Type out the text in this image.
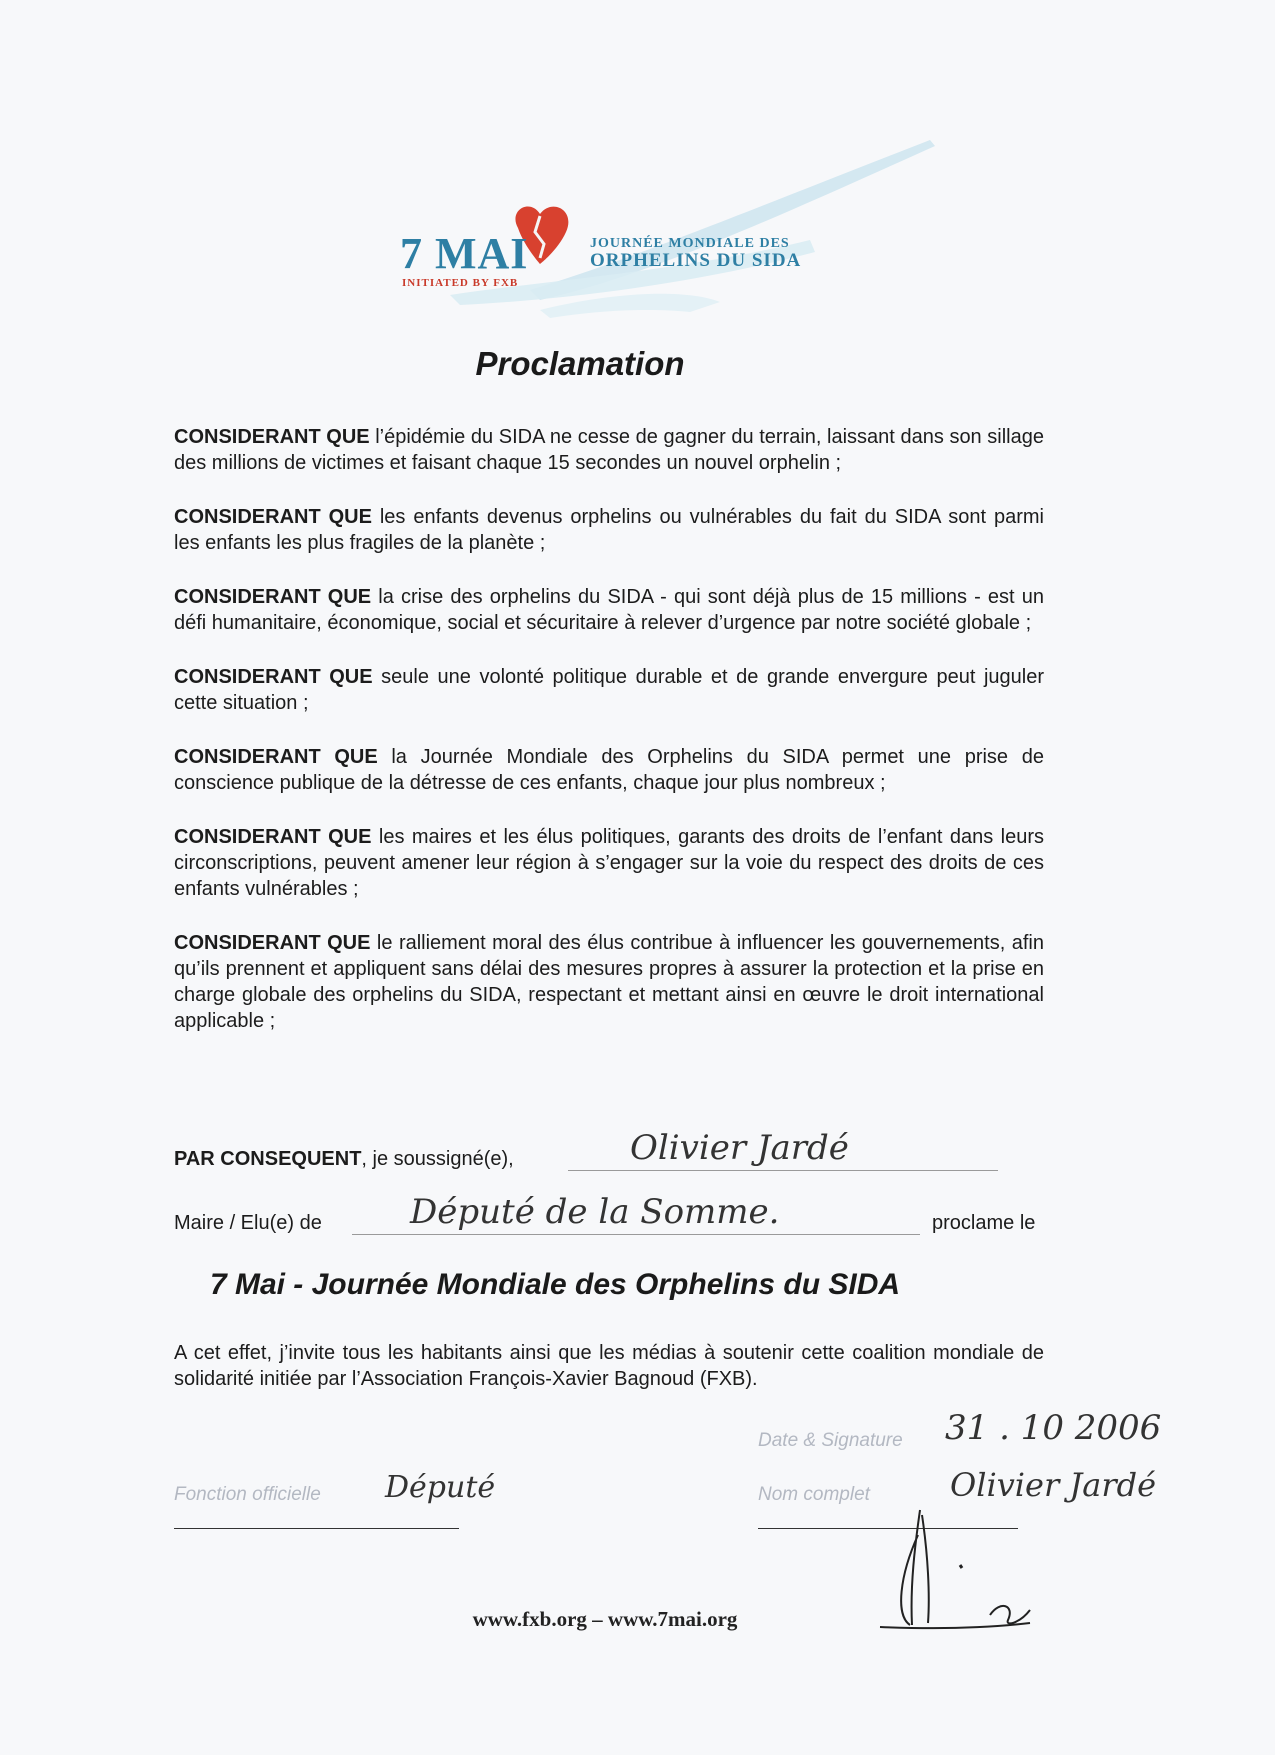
7 MAI	JOURNÉE MONDIALE DES
ORPHELINS DU SIDA
INITIATED BY FXB
Proclamation

CONSIDERANT QUE l’épidémie du SIDA ne cesse de gagner du terrain, laissant dans son sillage des millions de victimes et faisant chaque 15 secondes un nouvel orphelin ;

CONSIDERANT QUE les enfants devenus orphelins ou vulnérables du fait du SIDA sont parmi les enfants les plus fragiles de la planète ;

CONSIDERANT QUE la crise des orphelins du SIDA - qui sont déjà plus de 15 millions - est un défi humanitaire, économique, social et sécuritaire à relever d’urgence par notre société globale ;

CONSIDERANT QUE seule une volonté politique durable et de grande envergure peut juguler cette situation ;

CONSIDERANT QUE la Journée Mondiale des Orphelins du SIDA permet une prise de conscience publique de la détresse de ces enfants, chaque jour plus nombreux ;

CONSIDERANT QUE les maires et les élus politiques, garants des droits de l’enfant dans leurs circonscriptions, peuvent amener leur région à s’engager sur la voie du respect des droits de ces enfants vulnérables ;

CONSIDERANT QUE le ralliement moral des élus contribue à influencer les gouvernements, afin qu’ils prennent et appliquent sans délai des mesures propres à assurer la protection et la prise en charge globale des orphelins du SIDA, respectant et mettant ainsi en œuvre le droit international applicable ;

PAR CONSEQUENT, je soussigné(e),	Olivier Jardé
Maire / Elu(e) de	Député de la Somme.	proclame le
7 Mai - Journée Mondiale des Orphelins du SIDA
A cet effet, j’invite tous les habitants ainsi que les médias à soutenir cette coalition mondiale de solidarité initiée par l’Association François-Xavier Bagnoud (FXB).
Date & Signature 31 . 10 2006
Fonction officielle Député	Nom complet	Olivier Jardé
www.fxb.org – www.7mai.org
